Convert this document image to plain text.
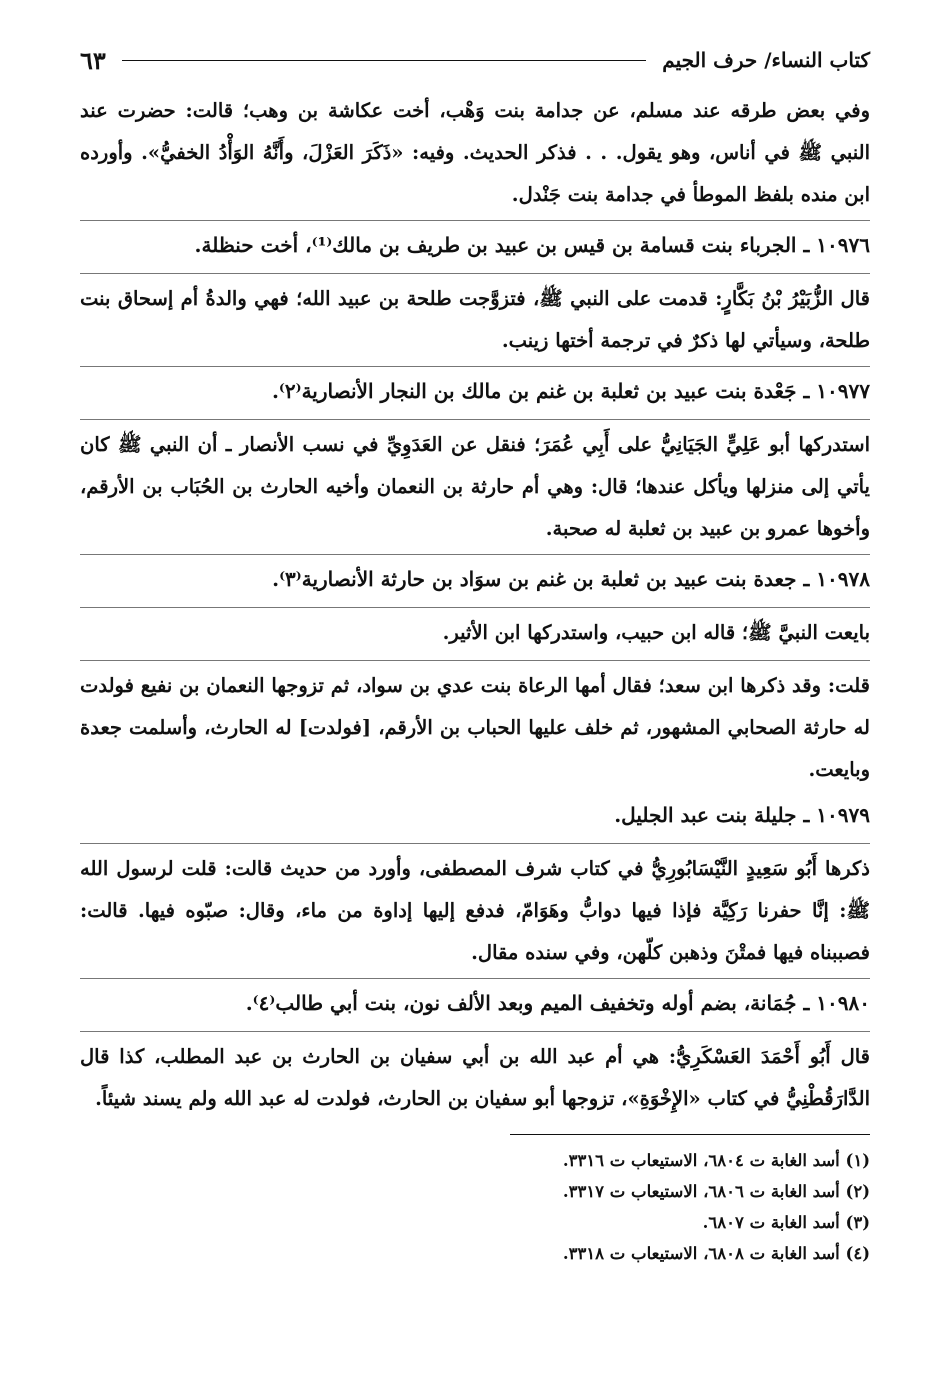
كتاب النساء/ حرف الجيم
٦٣

وفي بعض طرقه عند مسلم، عن جدامة بنت وَهْب، أخت عكاشة بن وهب؛ قالت: حضرت عند النبي ﷺ في أناس، وهو يقول. . . فذكر الحديث. وفيه: «ذَكَرَ العَزْلَ، وأَنَّهُ الوَأْدُ الخفيُّ». وأورده ابن منده بلفظ الموطأ في جدامة بنت جَنْدل.

١٠٩٧٦ ـ الجرباء بنت قسامة بن قيس بن عبيد بن طريف بن مالك⁽¹⁾، أخت حنظلة.

قال الزُّبَيْرُ بْنُ بَكَّارٍ: قدمت على النبي ﷺ، فتزوَّجت طلحة بن عبيد الله؛ فهي والدةُ أم إسحاق بنت طلحة، وسيأتي لها ذكرٌ في ترجمة أختها زينب.

١٠٩٧٧ ـ جَعْدة بنت عبيد بن ثعلبة بن غنم بن مالك بن النجار الأنصارية⁽٢⁾.

استدركها أبو عَلِيٍّ الجَيَانِيُّ على أَبِي عُمَرَ؛ فنقل عن العَدَوِيِّ في نسب الأنصار ـ أن النبي ﷺ كان يأتي إلى منزلها ويأكل عندها؛ قال: وهي أم حارثة بن النعمان وأخيه الحارث بن الحُبَاب بن الأرقم، وأخوها عمرو بن عبيد بن ثعلبة له صحبة.

١٠٩٧٨ ـ جعدة بنت عبيد بن ثعلبة بن غنم بن سوَاد بن حارثة الأنصارية⁽٣⁾.

بايعت النبيَّ ﷺ؛ قاله ابن حبيب، واستدركها ابن الأثير.

قلت: وقد ذكرها ابن سعد؛ فقال أمها الرعاة بنت عدي بن سواد، ثم تزوجها النعمان بن نفيع فولدت له حارثة الصحابي المشهور، ثم خلف عليها الحباب بن الأرقم، [فولدت] له الحارث، وأسلمت جعدة وبايعت.

١٠٩٧٩ ـ جليلة بنت عبد الجليل.

ذكرها أَبُو سَعِيدٍ النَّيْسَابُورِيُّ في كتاب شرف المصطفى، وأورد من حديث قالت: قلت لرسول الله ﷺ: إنَّا حفرنا رَكِيَّة فإذا فيها دوابُّ وهَوَامّ، فدفع إليها إداوة من ماء، وقال: صبّوه فيها. قالت: فصببناه فيها فمتْنَ وذهبن كلّهن، وفي سنده مقال.

١٠٩٨٠ ـ جُمَانة، بضم أوله وتخفيف الميم وبعد الألف نون، بنت أبي طالب⁽٤⁾.

قال أَبُو أَحْمَدَ العَسْكَرِيُّ: هي أم عبد الله بن أبي سفيان بن الحارث بن عبد المطلب، كذا قال الدَّارَقُطْنِيُّ في كتاب «الإِخْوَةِ»، تزوجها أبو سفيان بن الحارث، فولدت له عبد الله ولم يسند شيئاً.

(١) أسد الغابة ت ٦٨٠٤، الاستيعاب ت ٣٣١٦.
(٢) أسد الغابة ت ٦٨٠٦، الاستيعاب ت ٣٣١٧.
(٣) أسد الغابة ت ٦٨٠٧.
(٤) أسد الغابة ت ٦٨٠٨، الاستيعاب ت ٣٣١٨.
